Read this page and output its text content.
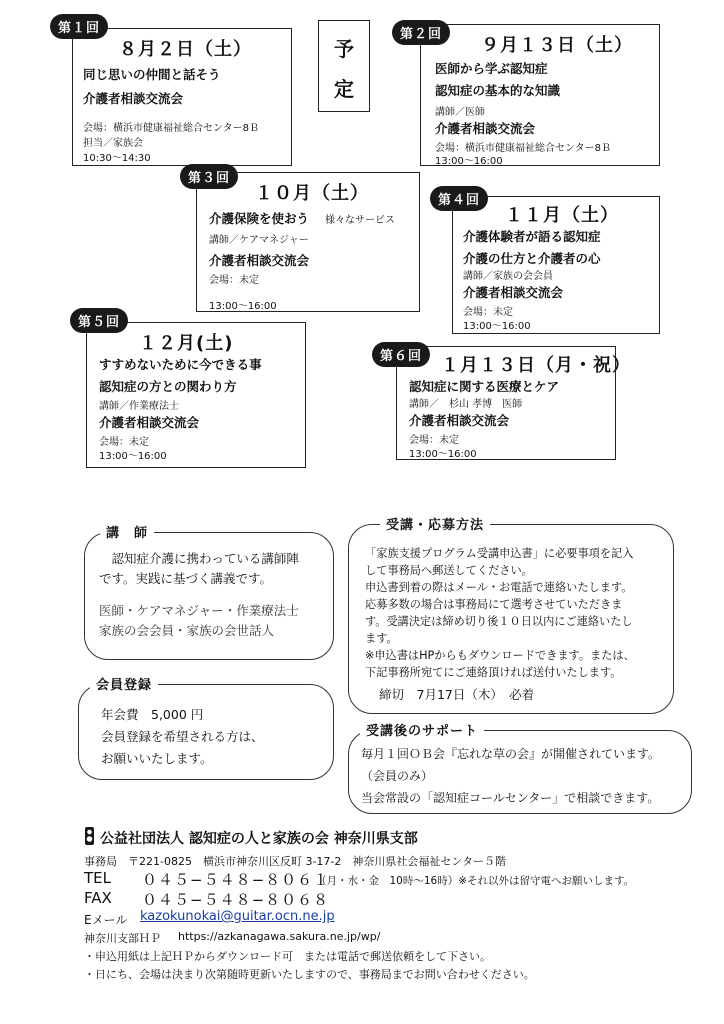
予
定
８月２日（土）
同じ思いの仲間と話そう
介護者相談交流会
会場：横浜市健康福祉総合センター8Ｂ
担当／家族会
10:30〜14:30
第１回
９月１３日（土）
医師から学ぶ認知症
認知症の基本的な知識
講師／医師
介護者相談交流会
会場：横浜市健康福祉総合センター8Ｂ
13:00〜16:00
第２回
１０月（土）
介護保険を使おう 様々なサービス
講師／ケアマネジャー
介護者相談交流会
会場：未定
13:00〜16:00
第３回
１１月（土）
介護体験者が語る認知症
介護の仕方と介護者の心
講師／家族の会会員
介護者相談交流会
会場：未定
13:00〜16:00
第４回
１２月(土)
すすめないために今できる事
認知症の方との関わり方
講師／作業療法士
介護者相談交流会
会場：未定
13:00〜16:00
第５回
１月１３日（月・祝）
認知症に関する医療とケア
講師／　杉山 孝博　医師
介護者相談交流会
会場：未定
13:00〜16:00
第６回
　認知症介護に携わっている講師陣
です。実践に基づく講義です。
医師・ケアマネジャー・作業療法士
家族の会会員・家族の会世話人
講　師
年会費　5,000 円
会員登録を希望される方は、
お願いいたします。
会員登録
「家族支援プログラム受講申込書」に必要事項を記入
して事務局へ郵送してください。
申込書到着の際はメール・お電話で連絡いたします。
応募多数の場合は事務局にて選考させていただきま
す。受講決定は締め切り後１０日以内にご連絡いたし
ます。
※申込書はHPからもダウンロードできます。または、
下記事務所宛てにご連絡頂ければ送付いたします。
締切　7月17日（木）　必着
受講・応募方法
毎月１回ＯＢ会『忘れな草の会』が開催されています。
（会員のみ）
当会常設の「認知症コールセンター」で相談できます。
受講後のサポート
公益社団法人 認知症の人と家族の会 神奈川県支部
事務局　〒221-0825　横浜市神奈川区反町 3-17-2　神奈川県社会福祉センター５階
TEL ０４５−５４８−８０６１
（月・水・金　10時〜16時）※それ以外は留守電へお願いします。
FAX ０４５−５４８−８０６８
Eメール kazokunokai@guitar.ocn.ne.jp
神奈川支部ＨＰ https://azkanagawa.sakura.ne.jp/wp/
・申込用紙は上記ＨＰからダウンロード可　または電話で郵送依頼をして下さい。
・日にち、会場は決まり次第随時更新いたしますので、事務局までお問い合わせください。
